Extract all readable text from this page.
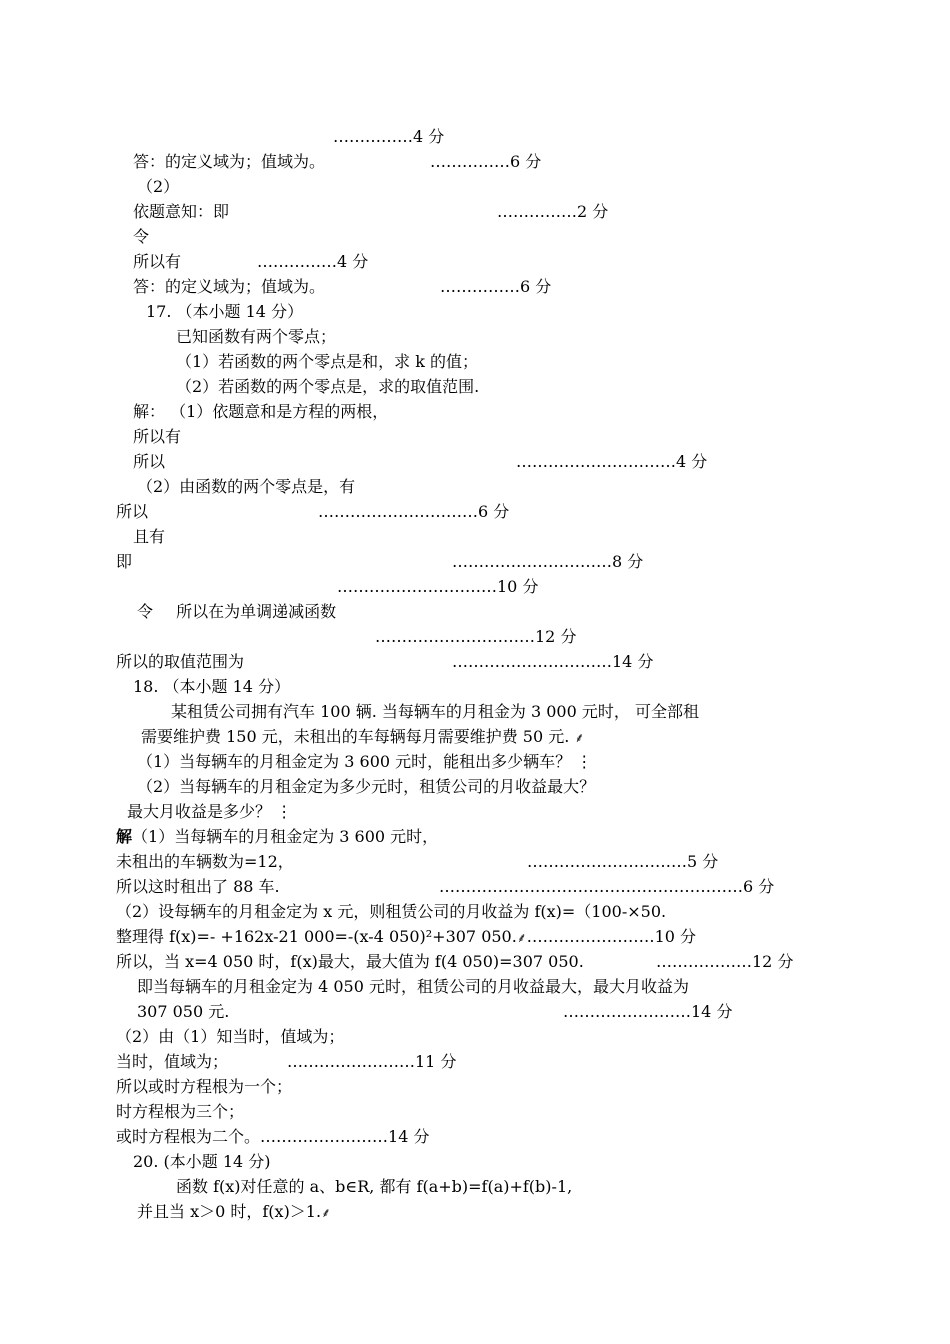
……………4 分
答：的定义域为；值域为。	……………6 分
（2）
依题意知：即	……………2 分
令
所以有	……………4 分
答：的定义域为；值域为。	……………6 分
17. （本小题 14 分）
已知函数有两个零点；
（1）若函数的两个零点是和，求 k 的值；
（2）若函数的两个零点是，求的取值范围.
解： （1）依题意和是方程的两根，
所以有
所以	…………………………4 分
（2）由函数的两个零点是，有
所以	…………………………6 分
且有
即	…………………………8 分
…………………………10 分
令 所以在为单调递减函数
…………………………12 分
所以的取值范围为	…………………………14 分
18. （本小题 14 分）
某租赁公司拥有汽车 100 辆. 当每辆车的月租金为 3 000 元时， 可全部租
需要维护费 150 元，未租出的车每辆每月需要维护费 50 元. ⸙
（1）当每辆车的月租金定为 3 600 元时，能租出多少辆车？ ⋮
（2）当每辆车的月租金定为多少元时，租赁公司的月收益最大？
最大月收益是多少？ ⋮
解（1）当每辆车的月租金定为 3 600 元时，
未租出的车辆数为=12，	…………………………5 分
所以这时租出了 88 车.	…………………………………………………6 分
（2）设每辆车的月租金定为 x 元，则租赁公司的月收益为 f(x)=（100-×50.
整理得 f(x)=- +162x-21 000=-(x-4 050)²+307 050.⸙……………………10 分
所以，当 x=4 050 时，f(x)最大，最大值为 f(4 050)=307 050.	………………12 分
即当每辆车的月租金定为 4 050 元时，租赁公司的月收益最大，最大月收益为
307 050 元.	……………………14 分
（2）由（1）知当时，值域为；
当时，值域为；	……………………11 分
所以或时方程根为一个；
时方程根为三个；
或时方程根为二个。……………………14 分
20. (本小题 14 分)
函数 f(x)对任意的 a、b∈R, 都有 f(a+b)=f(a)+f(b)-1,
并且当 x＞0 时，f(x)＞1.⸙
